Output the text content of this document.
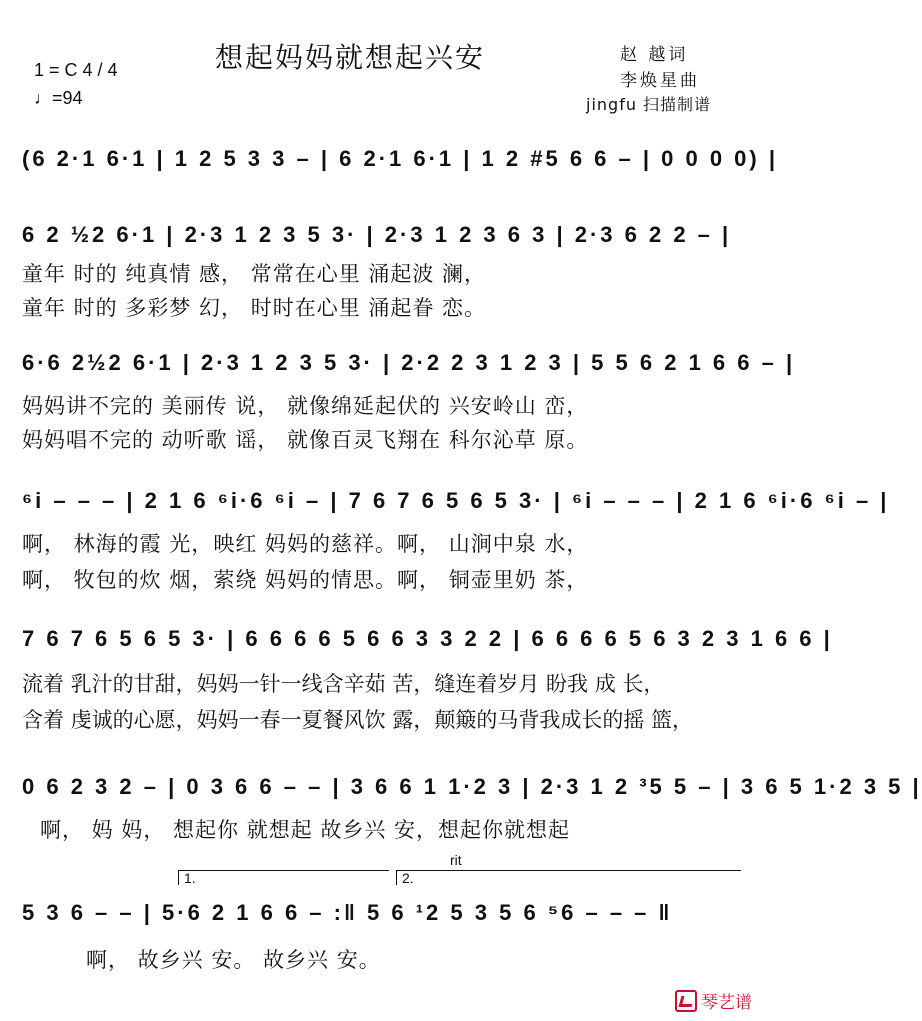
想起妈妈就想起兴安
1 = C 4 / 4
♩=94
赵 越词
李焕星曲
jingfu 扫描制谱
(6 2·1 6·1 | 1 2 5 3 3 – | 6 2·1 6·1 | 1 2 #5 6 6 – | 0 0 0 0) |
6 2 ½2 6·1 | 2·3 1 2 3 5 3· | 2·3 1 2 3 6 3 | 2·3 6 2 2 – |
童年 时的 纯真情 感， 常常在心里 涌起波 澜，
童年 时的 多彩梦 幻， 时时在心里 涌起眷 恋。
6·6 2½2 6·1 | 2·3 1 2 3 5 3· | 2·2 2 3 1 2 3 | 5 5 6 2 1 6 6 – |
妈妈讲不完的 美丽传 说， 就像绵延起伏的 兴安岭山 峦，
妈妈唱不完的 动听歌 谣， 就像百灵飞翔在 科尔沁草 原。
⁶i – – – | 2 1 6 ⁶i·6 ⁶i – | 7 6 7 6 5 6 5 3· | ⁶i – – – | 2 1 6 ⁶i·6 ⁶i – |
啊， 林海的霞 光，映红 妈妈的慈祥。啊， 山涧中泉 水，
啊， 牧包的炊 烟，萦绕 妈妈的情思。啊， 铜壶里奶 茶，
7 6 7 6 5 6 5 3· | 6 6 6 6 5 6 6 3 3 2 2 | 6 6 6 6 5 6 3 2 3 1 6 6 |
流着 乳汁的甘甜，妈妈一针一线含辛茹 苦，缝连着岁月 盼我 成 长，
含着 虔诚的心愿，妈妈一春一夏餐风饮 露，颠簸的马背我成长的摇 篮，
0 6 2 3 2 – | 0 3 6 6 – – | 3 6 6 1 1·2 3 | 2·3 1 2 ³5 5 – | 3 6 5 1·2 3 5 |
啊， 妈 妈， 想起你 就想起 故乡兴 安，想起你就想起
1.	2.
rit
5 3 6 – – | 5·6 2 1 6 6 – :‖ 5 6 ¹2 5 3 5 6 ⁵6 – – – ‖
啊， 故乡兴 安。 故乡兴 安。
琴艺谱
